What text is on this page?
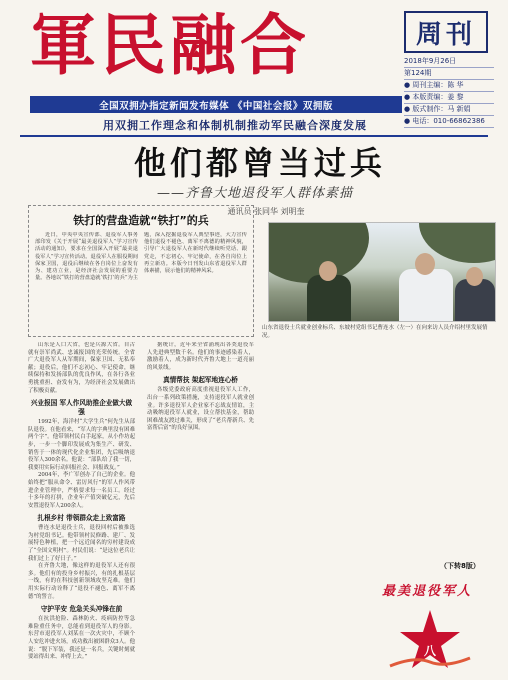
軍民融合	周刊
2018年9月26日
第124期
● 周刊主编：陈 华
● 本版责编：姜 黎
● 版式制作：马 新娟
● 电话：010-66862386
全国双拥办指定新闻发布媒体 《中国社会报》双拥版
用双拥工作理念和体制机制推动军民融合深度发展
他们都曾当过兵
——齐鲁大地退役军人群体素描
通讯员 张同华 刘明奎
铁打的营盘造就“铁打”的兵
近日，中央中央宣传部、退役军人事务部印发《关于开展“最美退役军人”学习宣传活动的通知》，要求在全国深入开展“最美退役军人”学习宣传活动。退役军人在服役期间保家卫国，退役后继续在各自岗位上奋发有为、建功立业，是经济社会发展的重要力量。各地以“铁打的营盘造就‘铁打’的兵”为主题，深入挖掘退役军人典型事迹，大力宣传他们退役不褪色、离军不离德的精神风貌，引导广大退役军人在新时代继续听党话、跟党走，不忘初心、牢记使命，在各自岗位上再立新功。本版今日刊发山东省退役军人群体素描，展示他们的精神风采。
山东省退役士兵就业创业标兵、东坡村党组书记曹连水（左一）在向来访人员介绍村里发展情况。

山东是人口大省，也是兵源大省。自古就有崇军尚武、忠诚报国的光荣传统。全省广大退役军人从军期间，保家卫国、无私奉献；退役后，他们不忘初心、牢记使命，继续保持和发扬部队的优良作风，在各行各业勇挑重担、奋发有为，为经济社会发展做出了积极贡献。

兴业报国 军人作风助推企业做大做强

1992年，海洋村“大学生兵”何先生从部队退役。在他看来，“军人的字典里没有困难两个字”。他带领村民白手起家，从小作坊起步，一步一个脚印发展成为集生产、研发、销售于一体的现代化企业集团，先后吸纳退役军人300余名。他说：“部队给了我一切，我要用实际行动回报社会、回报战友。”

2004年，李广军创办了自己的企业。他始终把“服从命令、雷厉风行”的军人作风带进企业管理中，严格要求每一名员工。经过十多年的打拼，企业年产值突破亿元，先后安置退役军人200余人。

扎根乡村 带领群众走上致富路

曹连水是退役士兵，退役回村后被推选为村党组书记。他带领村民修路、建厂、发展特色种植，把一个远近闻名的穷村建设成了“全国文明村”。村民们说：“是这位老兵让我们过上了好日子。”

在齐鲁大地，像这样的退役军人还有很多。他们有的投身乡村振兴，有的扎根基层一线，有的在科技创新领域攻坚克难。他们用实际行动诠释了“退役不褪色、离军不离德”的誓言。

守护平安 危急关头冲锋在前

在抗洪抢险、森林防火、疫病防控等急难险重任务中，总能看到退役军人的身影。东营市退役军人刘某在一次火灾中，不顾个人安危冲进火场，成功救出被困群众3人。他说：“脱下军装，我还是一名兵，关键时刻就要站得出来、冲得上去。”

据统计，近年来全省涌现出各类退役军人先进典型数千名。他们的事迹感染着人，激励着人，成为新时代齐鲁大地上一道亮丽的风景线。

真情帮扶 架起军地连心桥

各级党委政府高度重视退役军人工作，出台一系列政策措施，支持退役军人就业创业。许多退役军人企业家不忘战友情谊，主动吸纳退役军人就业，设立帮扶基金，帮助困难战友渡过难关，形成了“老兵帮新兵、先富帮后富”的良好氛围。

（下转8版）
最美退役军人
八
